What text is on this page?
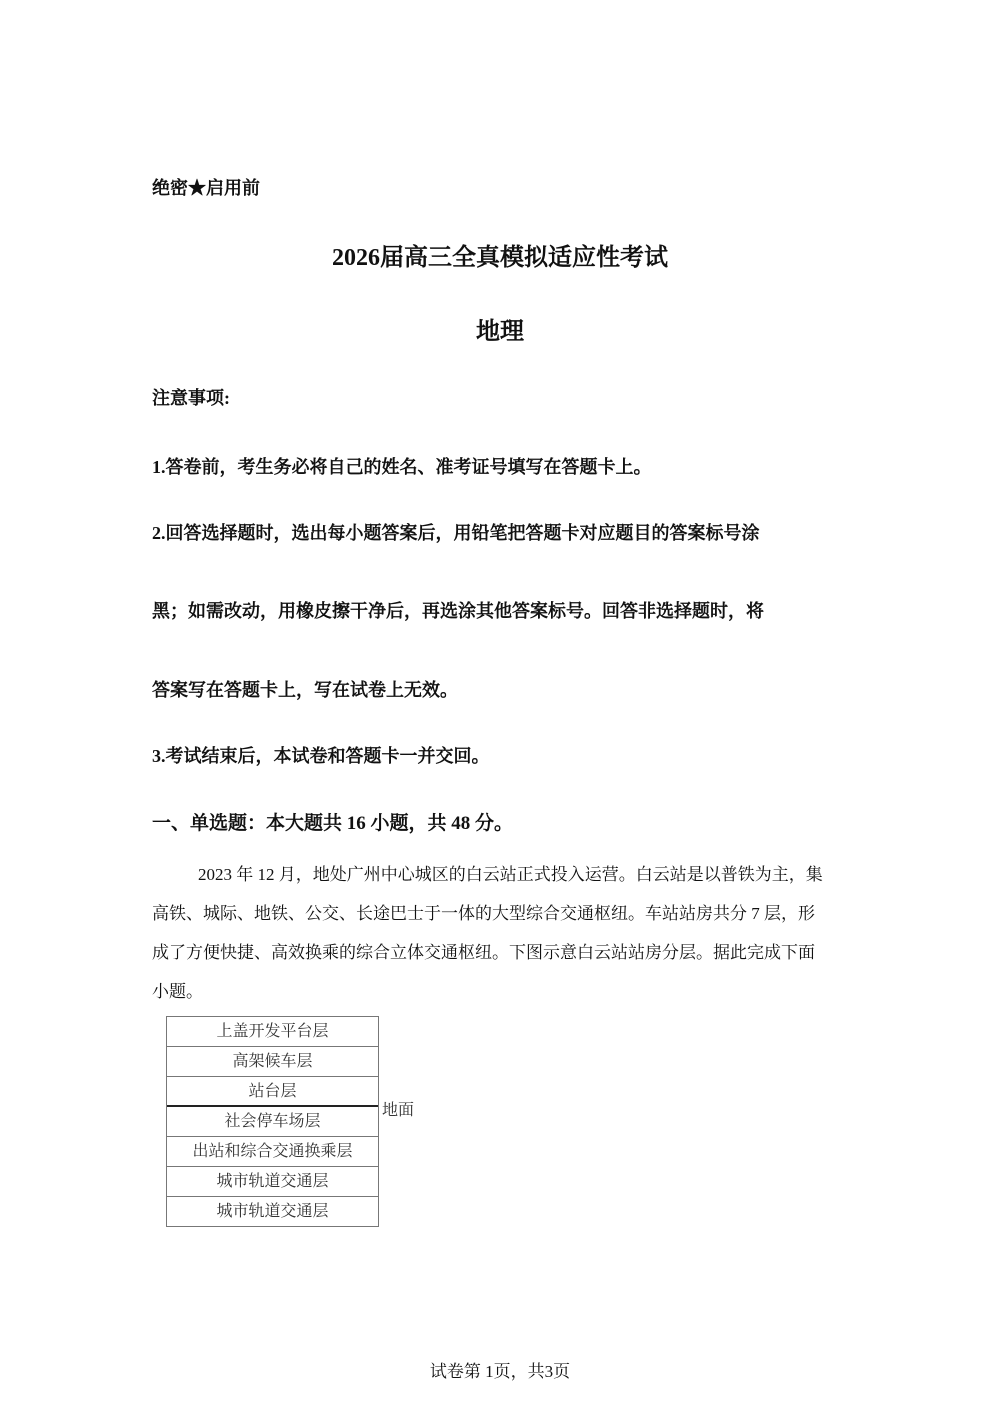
绝密★启用前
2026届高三全真模拟适应性考试
地理
注意事项:
1.答卷前，考生务必将自己的姓名、准考证号填写在答题卡上。
2.回答选择题时，选出每小题答案后，用铅笔把答题卡对应题目的答案标号涂
黑；如需改动，用橡皮擦干净后，再选涂其他答案标号。回答非选择题时，将
答案写在答题卡上，写在试卷上无效。
3.考试结束后，本试卷和答题卡一并交回。
一、单选题：本大题共 16 小题，共 48 分。
2023 年 12 月，地处广州中心城区的白云站正式投入运营。白云站是以普铁为主，集
高铁、城际、地铁、公交、长途巴士于一体的大型综合交通枢纽。车站站房共分 7 层，形
成了方便快捷、高效换乘的综合立体交通枢纽。下图示意白云站站房分层。据此完成下面
小题。
上盖开发平台层
高架候车层
站台层
社会停车场层
出站和综合交通换乘层
城市轨道交通层
城市轨道交通层
地面
试卷第 1页，共3页
